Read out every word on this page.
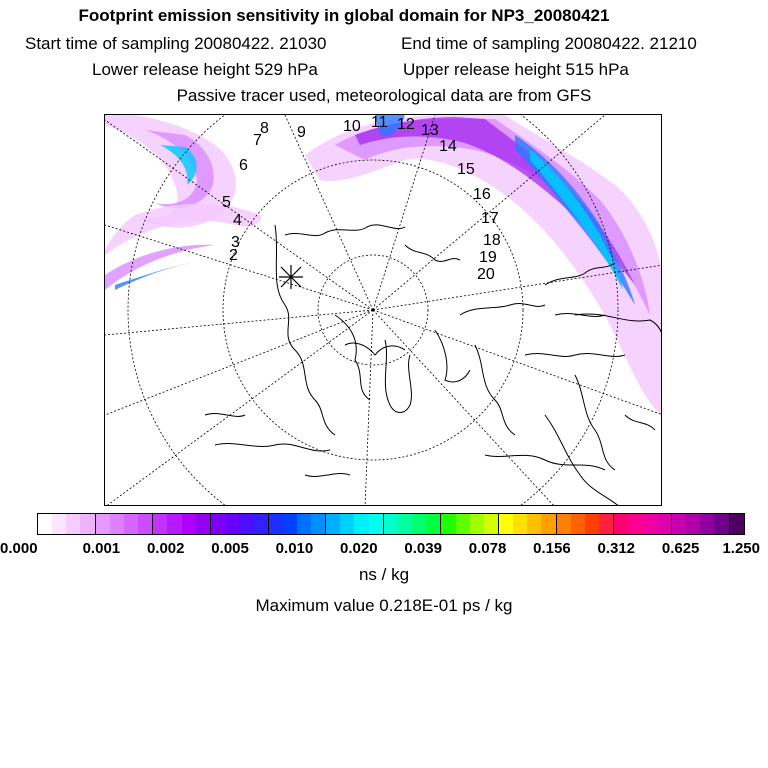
Footprint emission sensitivity in global domain for NP3_20080421
Start time of sampling 20080422. 21030	End time of sampling 20080422. 21210
Lower release height 529 hPa	Upper release height 515 hPa
Passive tracer used, meteorological data are from GFS
2
3
4
5
6
7
8 9 10 11 12 13
14
15
16
17
18
19
20
0.000	0.001 0.002 0.005 0.010 0.020 0.039 0.078 0.156 0.312 0.625 1.250
ns / kg
Maximum value 0.218E-01 ps / kg
